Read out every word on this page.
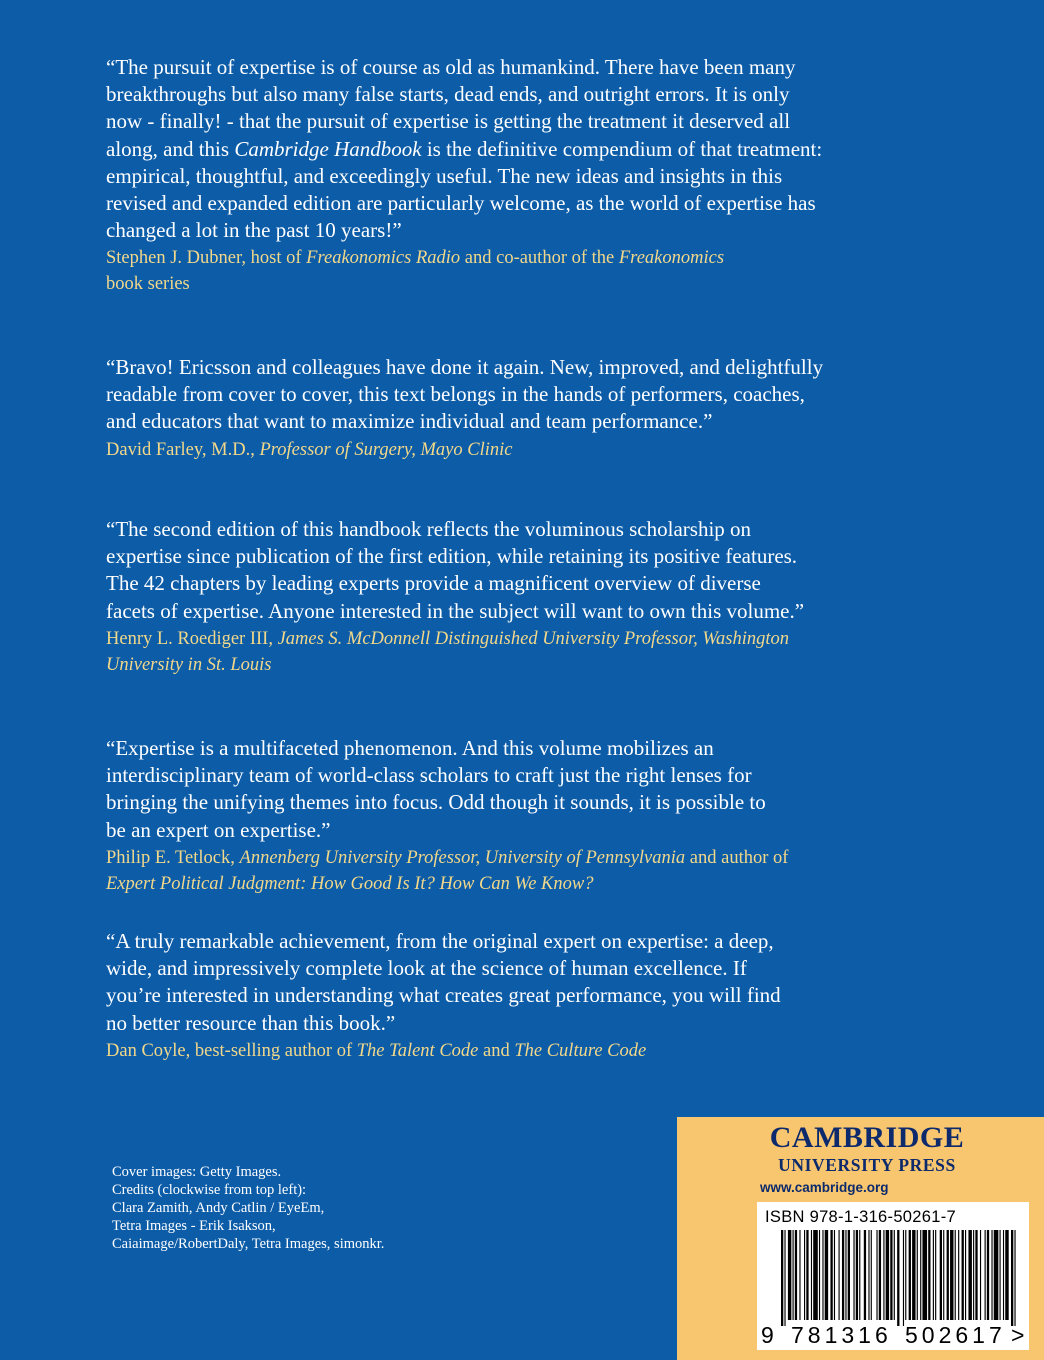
“The pursuit of expertise is of course as old as humankind. There have been many breakthroughs but also many false starts, dead ends, and outright errors. It is only now - finally! - that the pursuit of expertise is getting the treatment it deserved all along, and this Cambridge Handbook is the definitive compendium of that treatment: empirical, thoughtful, and exceedingly useful. The new ideas and insights in this revised and expanded edition are particularly welcome, as the world of expertise has changed a lot in the past 10 years!”

Stephen J. Dubner, host of Freakonomics Radio and co-author of the Freakonomics book series

“Bravo! Ericsson and colleagues have done it again. New, improved, and delightfully readable from cover to cover, this text belongs in the hands of performers, coaches, and educators that want to maximize individual and team performance.”

David Farley, M.D., Professor of Surgery, Mayo Clinic

“The second edition of this handbook reflects the voluminous scholarship on expertise since publication of the first edition, while retaining its positive features. The 42 chapters by leading experts provide a magnificent overview of diverse facets of expertise. Anyone interested in the subject will want to own this volume.”

Henry L. Roediger III, James S. McDonnell Distinguished University Professor, Washington University in St. Louis

“Expertise is a multifaceted phenomenon. And this volume mobilizes an interdisciplinary team of world-class scholars to craft just the right lenses for bringing the unifying themes into focus. Odd though it sounds, it is possible to be an expert on expertise.”

Philip E. Tetlock, Annenberg University Professor, University of Pennsylvania and author of Expert Political Judgment: How Good Is It? How Can We Know?

“A truly remarkable achievement, from the original expert on expertise: a deep, wide, and impressively complete look at the science of human excellence. If you’re interested in understanding what creates great performance, you will find no better resource than this book.”

Dan Coyle, best-selling author of The Talent Code and The Culture Code

Cover images: Getty Images.
Credits (clockwise from top left):
Clara Zamith, Andy Catlin / EyeEm,
Tetra Images - Erik Isakson,
Caiaimage/RobertDaly, Tetra Images, simonkr.
CAMBRIDGE
UNIVERSITY PRESS
www.cambridge.org
ISBN 978-1-316-50261-7
9 781316 502617 >
